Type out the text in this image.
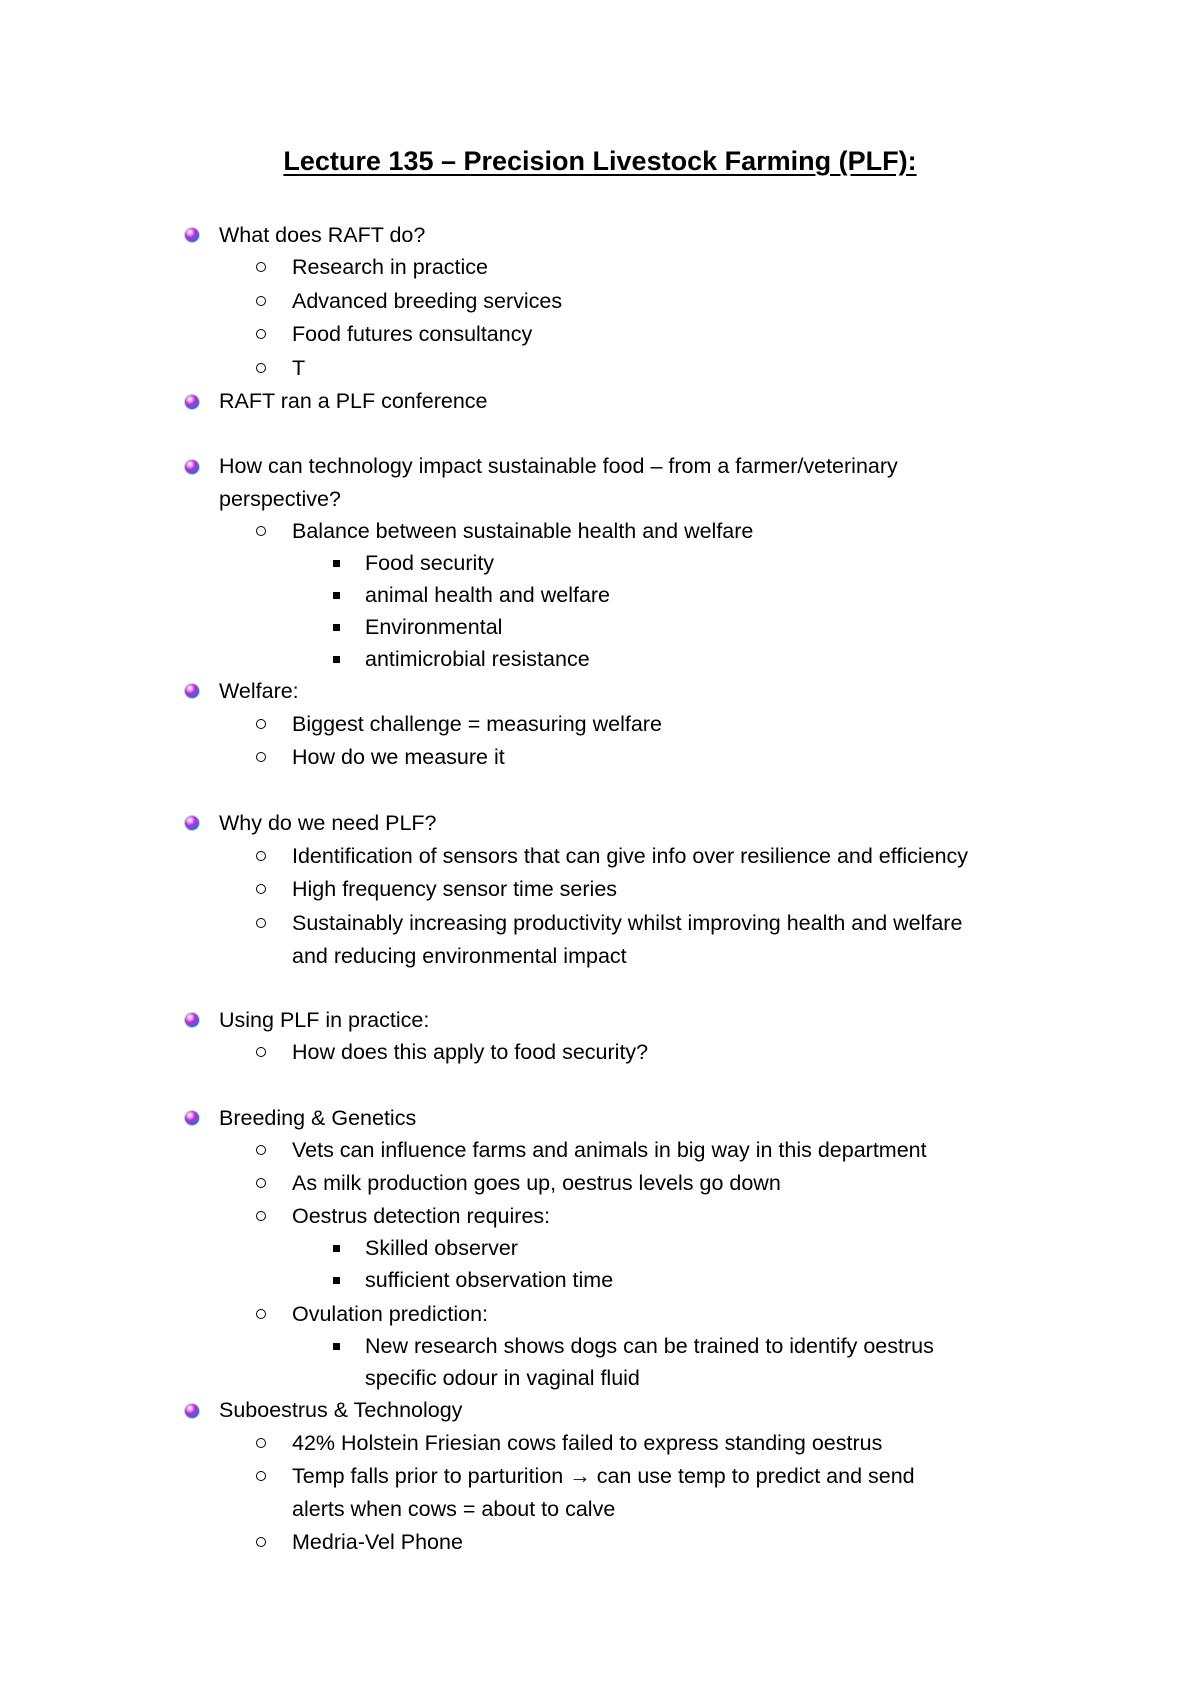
Lecture 135 – Precision Livestock Farming (PLF):
What does RAFT do?
Research in practice
Advanced breeding services
Food futures consultancy
T
RAFT ran a PLF conference
How can technology impact sustainable food – from a farmer/veterinary
perspective?
Balance between sustainable health and welfare
Food security
animal health and welfare
Environmental
antimicrobial resistance
Welfare:
Biggest challenge = measuring welfare
How do we measure it
Why do we need PLF?
Identification of sensors that can give info over resilience and efficiency
High frequency sensor time series
Sustainably increasing productivity whilst improving health and welfare
and reducing environmental impact
Using PLF in practice:
How does this apply to food security?
Breeding & Genetics
Vets can influence farms and animals in big way in this department
As milk production goes up, oestrus levels go down
Oestrus detection requires:
Skilled observer
sufficient observation time
Ovulation prediction:
New research shows dogs can be trained to identify oestrus
specific odour in vaginal fluid
Suboestrus & Technology
42% Holstein Friesian cows failed to express standing oestrus
Temp falls prior to parturition → can use temp to predict and send
alerts when cows = about to calve
Medria-Vel Phone
